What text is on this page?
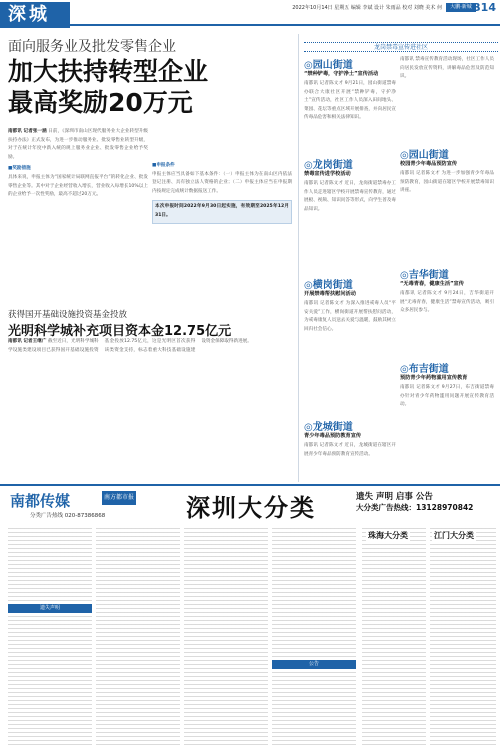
深城	2022年10月14日 星期五 编辑 李斌 设计 朱雨品 校对 刘晓 美术 何	大鹏·新城 B14
面向服务业及批发零售企业
加大扶持转型企业
最高奖励20万元
南都讯 记者张一涵 日前，《深圳市南山区现代服务业大企业转型升级扶持办法》正式发布，为进一步推动服务业、批发零售业转型升级，对于在统计年度中新入统的规上服务业企业、批发零售企业给予奖励。
■奖励措施
具体来说，申报主体为“国家统计局联网直报平台”的转化企业、批发零售企业等。其中对于企业经营收入增长，营业收入每增长10%以上的企业给予一次性奖励，最高不超过20万元。
■申报条件
申报主体应当具备如下基本条件：（一）申报主体为在南山区内依法登记注册、具有独立法人资格的企业；（二）申报主体应当在申报期内按规定完成统计数据报送工作。
本次申报时间2022年9月30日起实施，有效期至2025年12月31日。
获得国开基础设施投资基金投放
光明科学城补充项目资本金12.75亿元
南都讯 记者王继广 截至近日，光明科学城科学设施类建设项目已获得国开基础设施投资基金投放12.75亿元，这是光明区首次获得该类资金支持，标志着重大科技基础设施建设资金保障取得新进展。
龙岗禁毒宣传进社区
◎园山街道
“禁种铲毒，守护净土”宣传活动
南都讯 记者陈文才 9月21日，园山街道禁毒办联合大康社区开展“禁种铲毒，守护净土”宣传活动，社区工作人员深入田间地头、菜园、花坛等重点区域开展排查，并向居民宣传毒品危害和相关法律知识。
◎龙岗街道
禁毒宣传进学校活动
南都讯 记者陈文才 近日，龙岗街道禁毒办工作人员走进辖区学校开展禁毒宣传教育，通过展板、视频、知识问答等形式，向学生普及毒品知识。
◎横岗街道
开展禁毒帮扶慰问活动
南都讯 记者陈文才 为深入推进戒毒人员“平安关爱”工作，横岗街道开展帮扶慰问活动，为戒毒康复人员送去关爱与温暖，鼓励其树立回归社会信心。
◎龙城街道
青少年毒品预防教育宣传
南都讯 记者陈文才 近日，龙城街道在辖区开展青少年毒品预防教育宣传活动。
南都讯 禁毒宣传教育活动现场，社区工作人员向居民发放宣传资料，讲解毒品危害及防范知识。
◎园山街道
校园青少年毒品预防宣传
南都讯 记者陈文才 为进一步加强青少年毒品预防教育，园山街道在辖区学校开展禁毒知识讲座。
◎吉华街道
“无毒青春，健康生活”宣传
南都讯 记者陈文才 9月24日，吉华街道开展“无毒青春，健康生活”禁毒宣传活动，吸引众多居民参与。
◎布吉街道
预防青少年药物滥用宣传教育
南都讯 记者陈文才 9月27日，布吉街道禁毒办针对青少年药物滥用问题开展宣传教育活动。
南都传媒	南方都市报
分类广告热线 020-87386868	深圳大分类	遗失 声明 启事 公告
大分类广告热线：13128970842
遗失声明
公告
珠海大分类	江门大分类
